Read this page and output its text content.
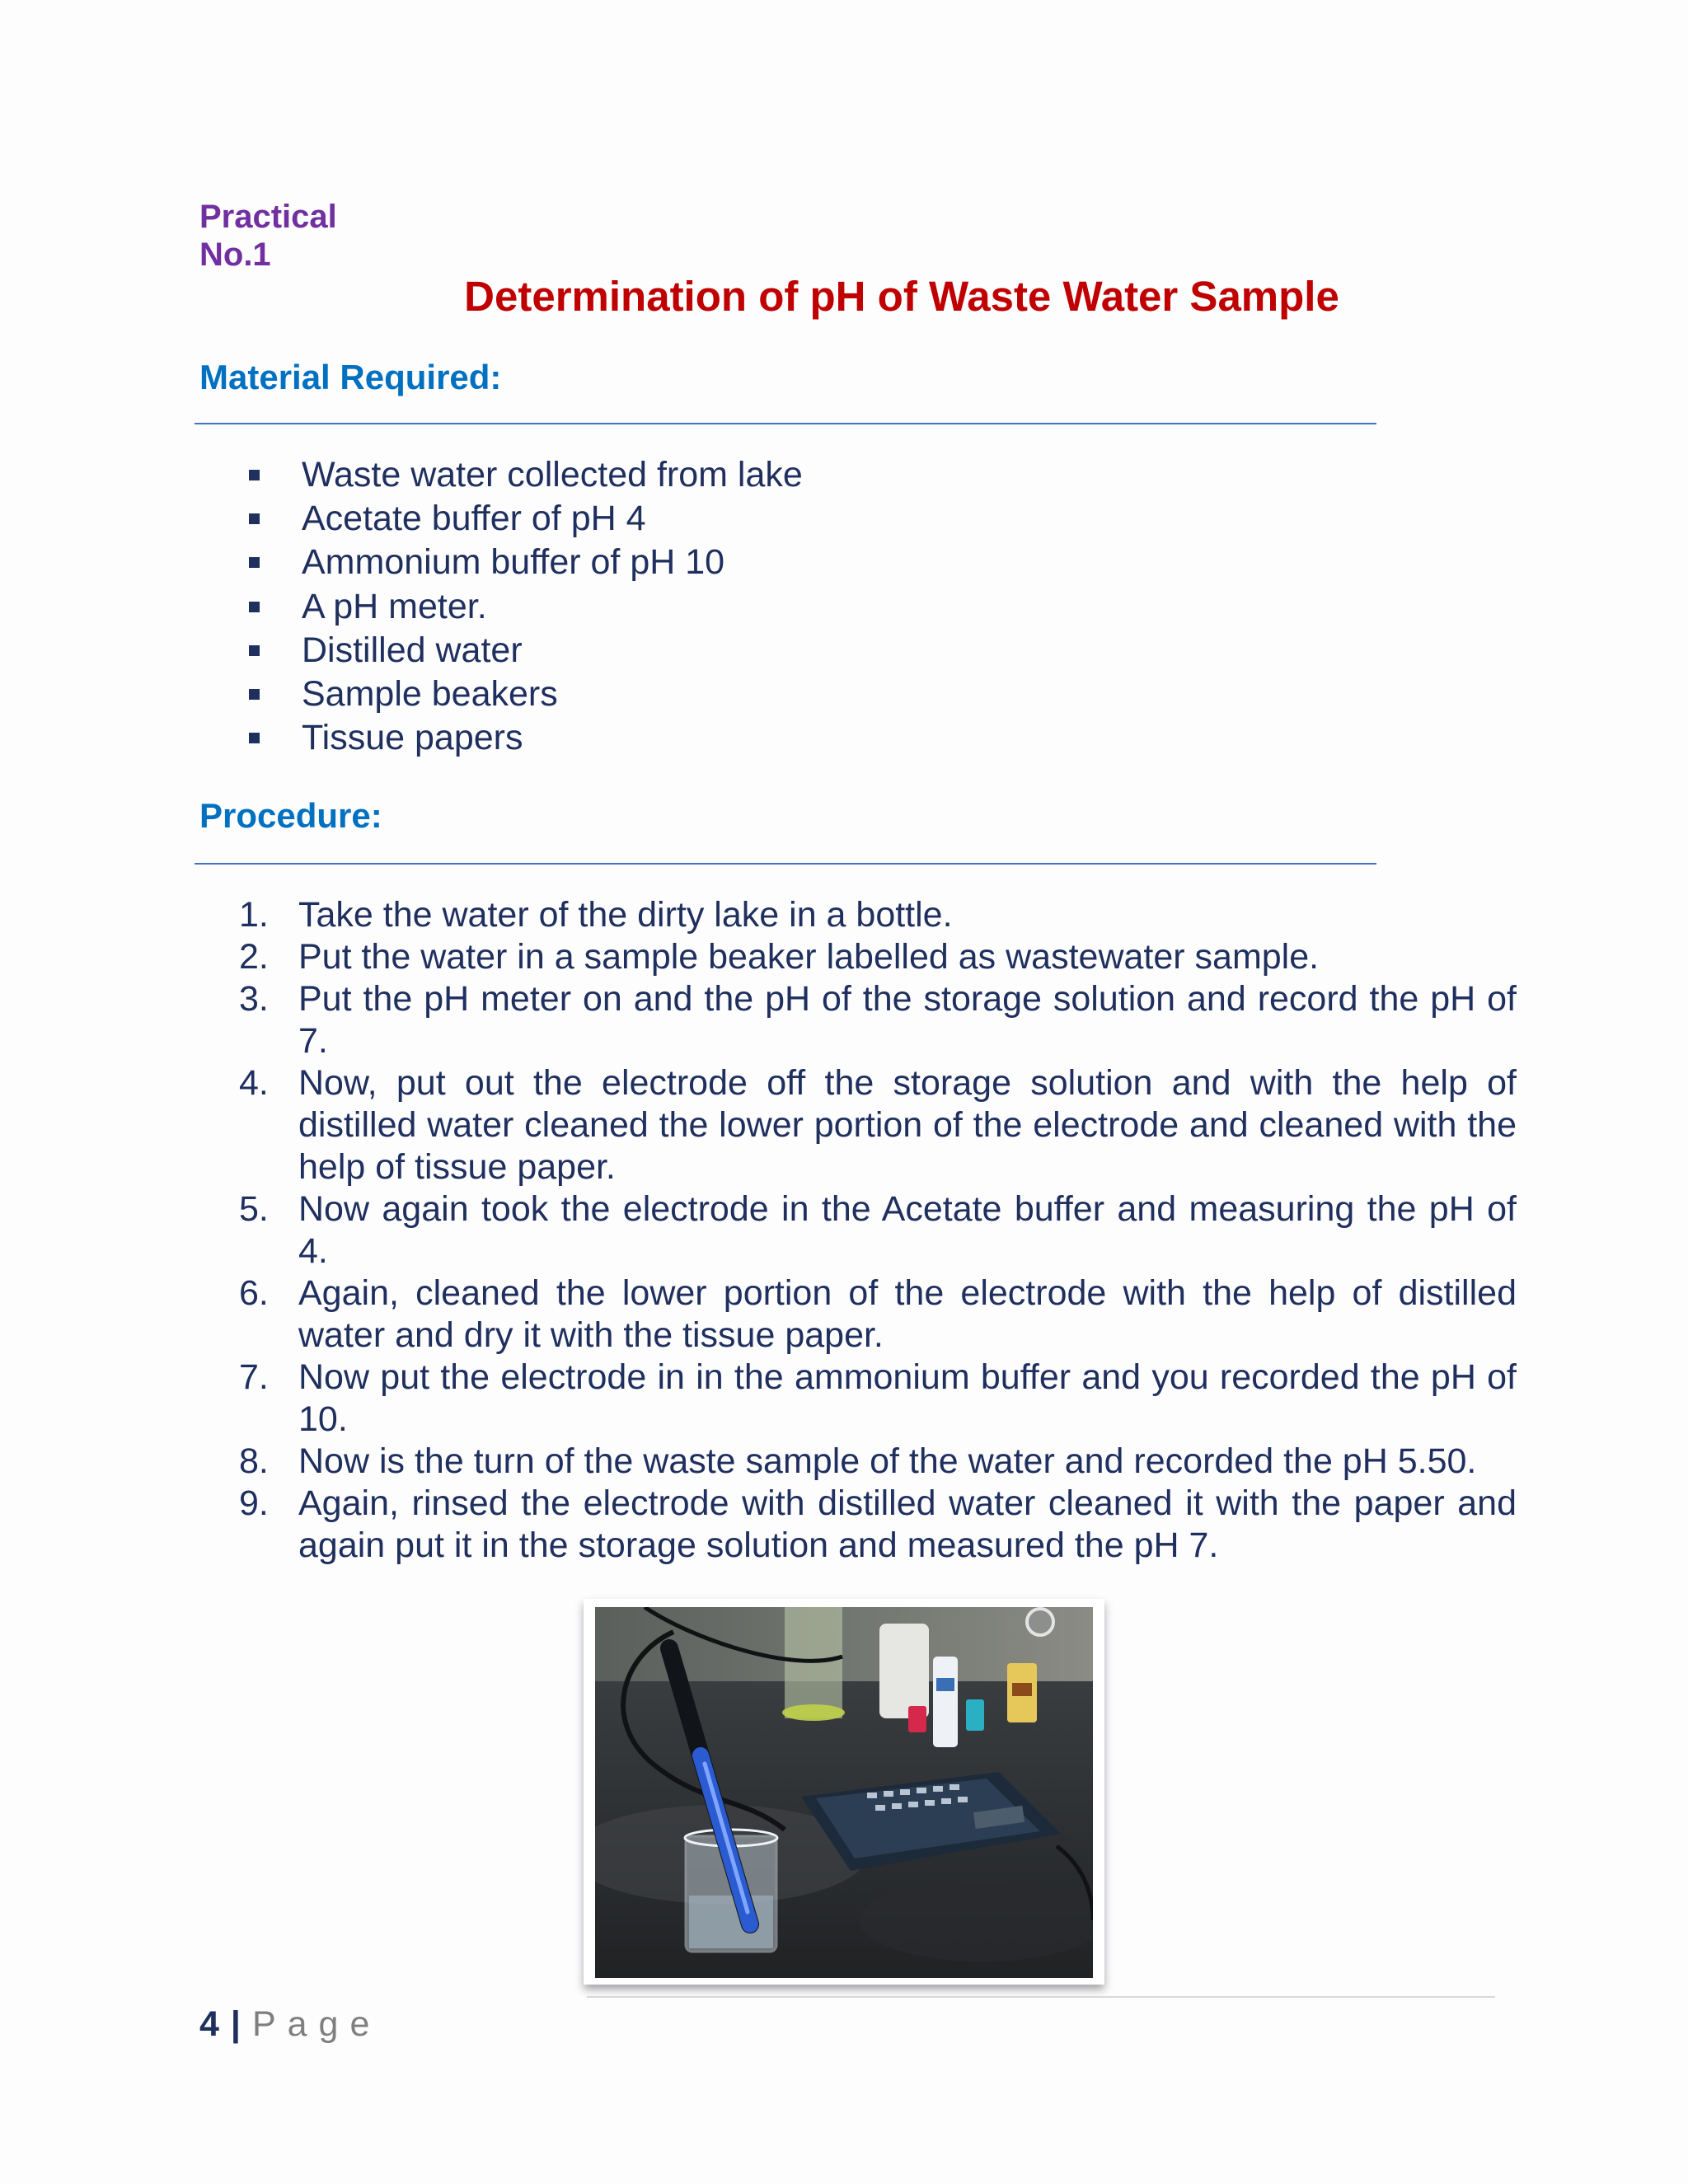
Practical
No.1
Determination of pH of Waste Water Sample
Material Required:
Waste water collected from lake
Acetate buffer of pH 4
Ammonium buffer of pH 10
A pH meter.
Distilled water
Sample beakers
Tissue papers
Procedure:
1. Take the water of the dirty lake in a bottle.
2. Put the water in a sample beaker labelled as wastewater sample.
3. Put the pH meter on and the pH of the storage solution and record the pH of 7.
4. Now, put out the electrode off the storage solution and with the help of distilled water cleaned the lower portion of the electrode and cleaned with the help of tissue paper.
5. Now again took the electrode in the Acetate buffer and measuring the pH of 4.
6. Again, cleaned the lower portion of the electrode with the help of distilled water and dry it with the tissue paper.
7. Now put the electrode in in the ammonium buffer and you recorded the pH of 10.
8. Now is the turn of the waste sample of the water and recorded the pH 5.50.
9. Again, rinsed the electrode with distilled water cleaned it with the paper and again put it in the storage solution and measured the pH 7.
4 | Page
